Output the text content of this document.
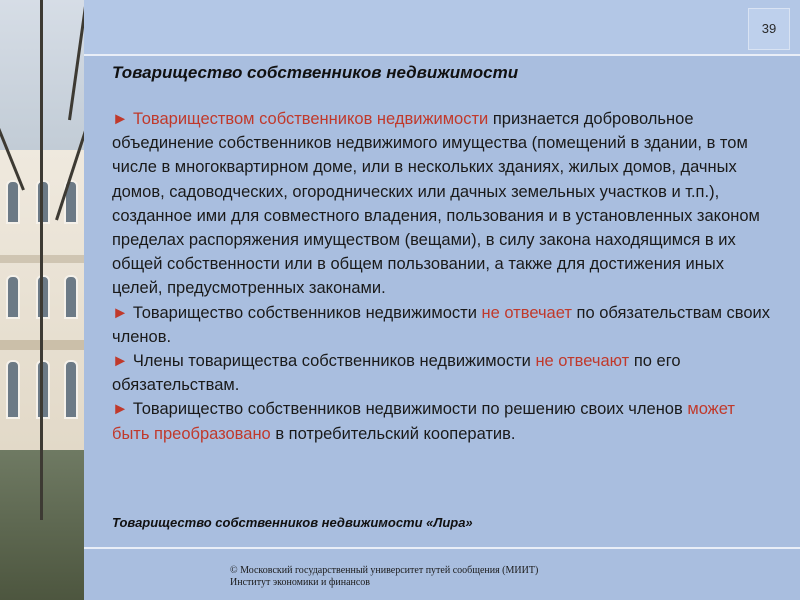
39
Товарищество собственников недвижимости

► Товариществом собственников недвижимости признается добровольное объединение собственников недвижимого имущества (помещений в здании, в том числе в многоквартирном доме, или в нескольких зданиях, жилых домов, дачных домов, садоводческих, огороднических или дачных земельных участков и т.п.), созданное ими для совместного владения, пользования и в установленных законом пределах распоряжения имуществом (вещами), в силу закона находящимся в их общей собственности или в общем пользовании, а также для достижения иных целей, предусмотренных законами.

► Товарищество собственников недвижимости не отвечает по обязательствам своих членов.

► Члены товарищества собственников недвижимости не отвечают по его обязательствам.

► Товарищество собственников недвижимости по решению своих членов может быть преобразовано в потребительский кооператив.

Товарищество собственников недвижимости «Лира»
© Московский государственный университет путей сообщения (МИИТ)
Институт экономики и финансов
